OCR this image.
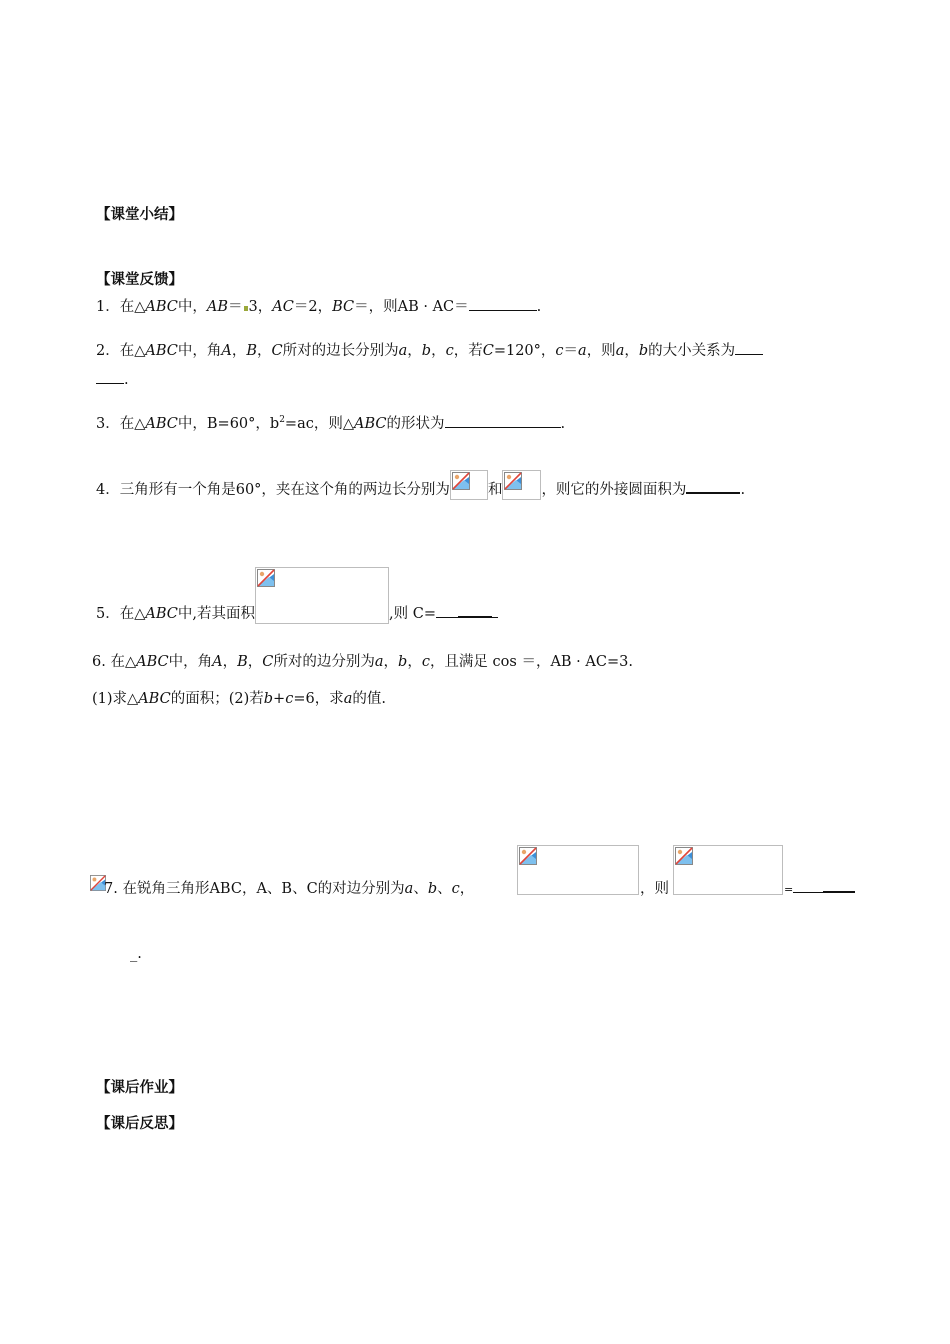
【课堂小结】
【课堂反馈】
1．在△ABC中，AB＝ 3，AC＝2，BC＝，则AB · AC＝	.
2．在△ABC中，角A，B，C所对的边长分别为a，b，c，若C=120°，c＝a，则a，b的大小关系为
.
3．在△ABC中，B=60°，$b^2=ac$，则△ABC的形状为	.
4．三角形有一个角是60°，夹在这个角的两边长分别为	和	，则它的外接圆面积为	.
5．在△ABC中,若其面积	,则 C=
6. 在△ABC中，角A，B，C所对的边分别为a，b，c，且满足 cos ＝，AB · AC=3.
(1)求△ABC的面积；(2)若b+c=6，求a的值.
7. 在锐角三角形ABC，A、B、C的对边分别为a、b、c，	，则	=
_.
【课后作业】
【课后反思】
